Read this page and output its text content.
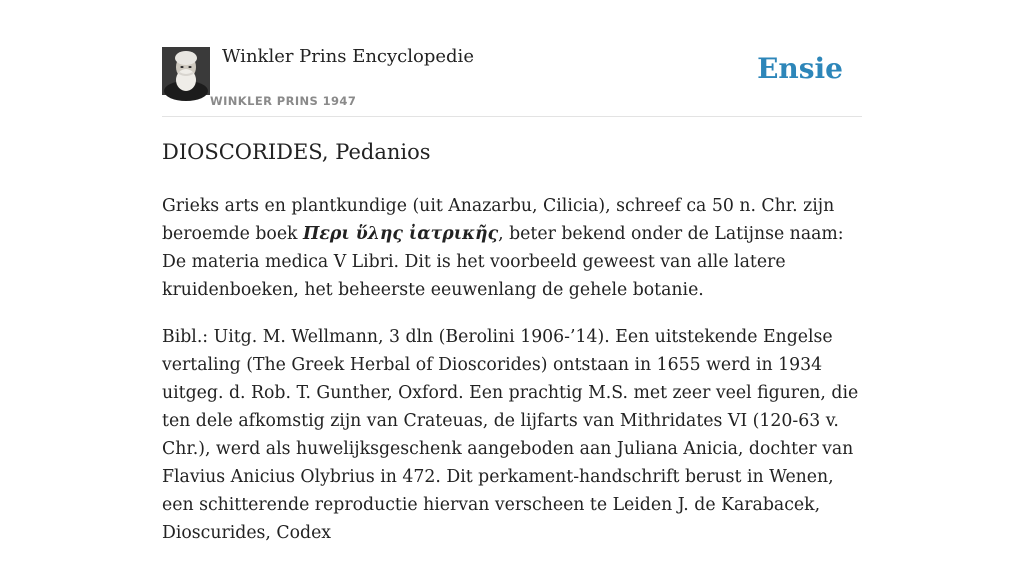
Winkler Prins Encyclopedie
WINKLER PRINS 1947
Ensie
DIOSCORIDES, Pedanios

Grieks arts en plantkundige (uit Anazarbu, Cilicia), schreef ca 50 n. Chr. zijn beroemde boek Περι ὕλης ἰατρικῆς, beter bekend onder de Latijnse naam: De materia medica V Libri. Dit is het voorbeeld geweest van alle latere kruidenboeken, het beheerste eeuwenlang de gehele botanie.

Bibl.: Uitg. M. Wellmann, 3 dln (Berolini 1906-’14). Een uitstekende Engelse vertaling (The Greek Herbal of Dioscorides) ontstaan in 1655 werd in 1934 uitgeg. d. Rob. T. Gunther, Oxford. Een prachtig M.S. met zeer veel figuren, die ten dele afkomstig zijn van Crateuas, de lijfarts van Mithridates VI (120-63 v. Chr.), werd als huwelijksgeschenk aangeboden aan Juliana Anicia, dochter van Flavius Anicius Olybrius in 472. Dit perkament-handschrift berust in Wenen, een schitterende reproductie hiervan verscheen te Leiden J. de Karabacek, Dioscurides, Codex
